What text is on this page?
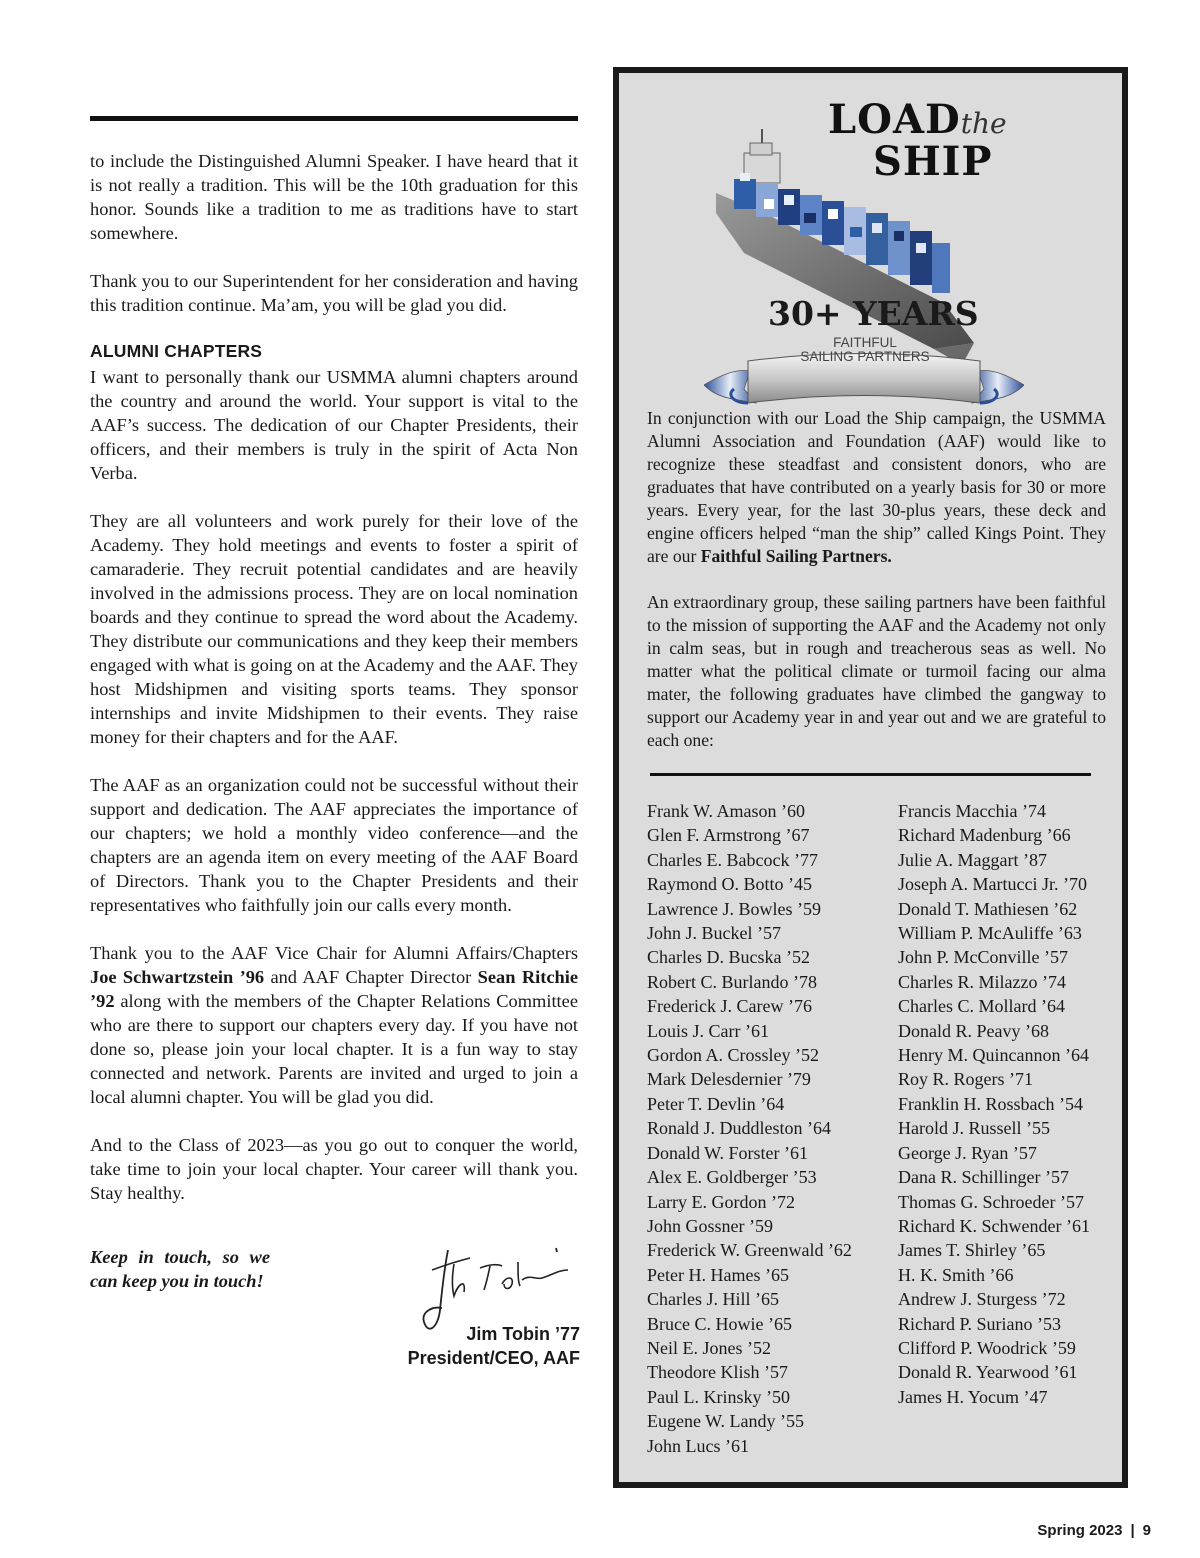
to include the Distinguished Alumni Speaker. I have heard that it is not really a tradition. This will be the 10th graduation for this honor. Sounds like a tradition to me as traditions have to start somewhere.

Thank you to our Superintendent for her consideration and having this tradition continue. Ma’am, you will be glad you did.

ALUMNI CHAPTERS

I want to personally thank our USMMA alumni chapters around the country and around the world. Your support is vital to the AAF’s success. The dedication of our Chapter Presidents, their officers, and their members is truly in the spirit of Acta Non Verba.

They are all volunteers and work purely for their love of the Academy. They hold meetings and events to foster a spirit of camaraderie. They recruit potential candidates and are heavily involved in the admissions process. They are on local nomination boards and they continue to spread the word about the Academy. They distribute our communications and they keep their members engaged with what is going on at the Academy and the AAF. They host Midshipmen and visiting sports teams. They sponsor internships and invite Midshipmen to their events. They raise money for their chapters and for the AAF.

The AAF as an organization could not be successful without their support and dedication. The AAF appreciates the importance of our chapters; we hold a monthly video conference—and the chapters are an agenda item on every meeting of the AAF Board of Directors. Thank you to the Chapter Presidents and their representatives who faithfully join our calls every month.

Thank you to the AAF Vice Chair for Alumni Affairs/Chapters Joe Schwartzstein ’96 and AAF Chapter Director Sean Ritchie ’92 along with the members of the Chapter Relations Committee who are there to support our chapters every day. If you have not done so, please join your local chapter. It is a fun way to stay connected and network. Parents are invited and urged to join a local alumni chapter. You will be glad you did.

And to the Class of 2023—as you go out to conquer the world, take time to join your local chapter. Your career will thank you. Stay healthy.

Keep in touch, so we can keep you in touch!
Jim Tobin ’77
President/CEO, AAF
LOADthe
SHIP
30+ YEARS
FAITHFUL
SAILING PARTNERS

In conjunction with our Load the Ship campaign, the USMMA Alumni Association and Foundation (AAF) would like to recognize these steadfast and consistent donors, who are graduates that have contributed on a yearly basis for 30 or more years. Every year, for the last 30-plus years, these deck and engine officers helped “man the ship” called Kings Point. They are our Faithful Sailing Partners.

An extraordinary group, these sailing partners have been faithful to the mission of supporting the AAF and the Academy not only in calm seas, but in rough and treacherous seas as well. No matter what the political climate or turmoil facing our alma mater, the following graduates have climbed the gangway to support our Academy year in and year out and we are grateful to each one:

Frank W. Amason ’60
Glen F. Armstrong ’67
Charles E. Babcock ’77
Raymond O. Botto ’45
Lawrence J. Bowles ’59
John J. Buckel ’57
Charles D. Bucska ’52
Robert C. Burlando ’78
Frederick J. Carew ’76
Louis J. Carr ’61
Gordon A. Crossley ’52
Mark Delesdernier ’79
Peter T. Devlin ’64
Ronald J. Duddleston ’64
Donald W. Forster ’61
Alex E. Goldberger ’53
Larry E. Gordon ’72
John Gossner ’59
Frederick W. Greenwald ’62
Peter H. Hames ’65
Charles J. Hill ’65
Bruce C. Howie ’65
Neil E. Jones ’52
Theodore Klish ’57
Paul L. Krinsky ’50
Eugene W. Landy ’55
John Lucs ’61
Francis Macchia ’74
Richard Madenburg ’66
Julie A. Maggart ’87
Joseph A. Martucci Jr. ’70
Donald T. Mathiesen ’62
William P. McAuliffe ’63
John P. McConville ’57
Charles R. Milazzo ’74
Charles C. Mollard ’64
Donald R. Peavy ’68
Henry M. Quincannon ’64
Roy R. Rogers ’71
Franklin H. Rossbach ’54
Harold J. Russell ’55
George J. Ryan ’57
Dana R. Schillinger ’57
Thomas G. Schroeder ’57
Richard K. Schwender ’61
James T. Shirley ’65
H. K. Smith ’66
Andrew J. Sturgess ’72
Richard P. Suriano ’53
Clifford P. Woodrick ’59
Donald R. Yearwood ’61
James H. Yocum ’47
Spring 2023 | 9
